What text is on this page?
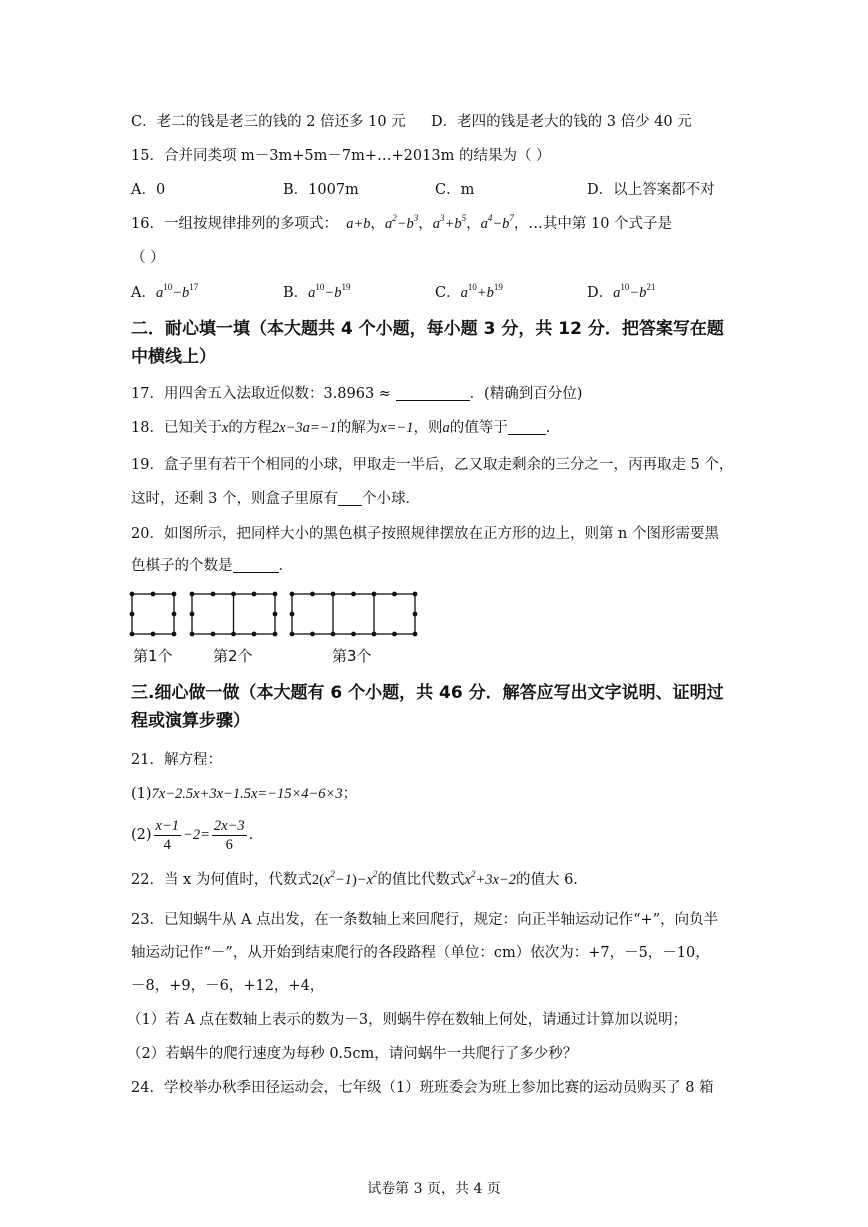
C．老二的钱是老三的钱的 2 倍还多 10 元 D．老四的钱是老大的钱的 3 倍少 40 元
15．合并同类项 m－3m+5m－7m+…+2013m 的结果为（ ）
A．0	B．1007m	C．m	D．以上答案都不对
16．一组按规律排列的多项式：  a+b，$a^2-b^3$，$a^3+b^5$，$a^4-b^7$，…其中第 10 个式子是
（ ）
A．$a^{10}-b^{17}$	B．$a^{10}-b^{19}$	C．$a^{10}+b^{19}$	D．$a^{10}-b^{21}$
二．耐心填一填（本大题共 4 个小题，每小题 3 分，共 12 分．把答案写在题中横线上）
17．用四舍五入法取近似数：3.8963 ≈	．(精确到百分位)
18．已知关于x的方程2x−3a=−1的解为x=−1，则a的值等于	．
19．盒子里有若干个相同的小球，甲取走一半后，乙又取走剩余的三分之一，丙再取走 5 个，
这时，还剩 3 个，则盒子里原有 个小球．
20．如图所示，把同样大小的黑色棋子按照规律摆放在正方形的边上，则第 n 个图形需要黑
色棋子的个数是	．
第1个	第2个	第3个
三.细心做一做（本大题有 6 个小题，共 46 分．解答应写出文字说明、证明过程或演算步骤）
21．解方程：
(1)7x−2.5x+3x−1.5x=−15×4−6×3；
$(2) \frac{x-1}{4} -2= \frac{2x-3}{6}$ .
22．当 x 为何值时，代数式$2(x^2-1)-x^2$的值比代数式$x^2+3x-2$的值大 6.
23．已知蜗牛从 A 点出发，在一条数轴上来回爬行，规定：向正半轴运动记作“+”，向负半
轴运动记作“－”，从开始到结束爬行的各段路程（单位：cm）依次为：+7，－5，－10，
－8，+9，－6，+12，+4，
（1）若 A 点在数轴上表示的数为－3，则蜗牛停在数轴上何处，请通过计算加以说明；
（2）若蜗牛的爬行速度为每秒 0.5cm，请问蜗牛一共爬行了多少秒？
24．学校举办秋季田径运动会，七年级（1）班班委会为班上参加比赛的运动员购买了 8 箱
试卷第 3 页，共 4 页
